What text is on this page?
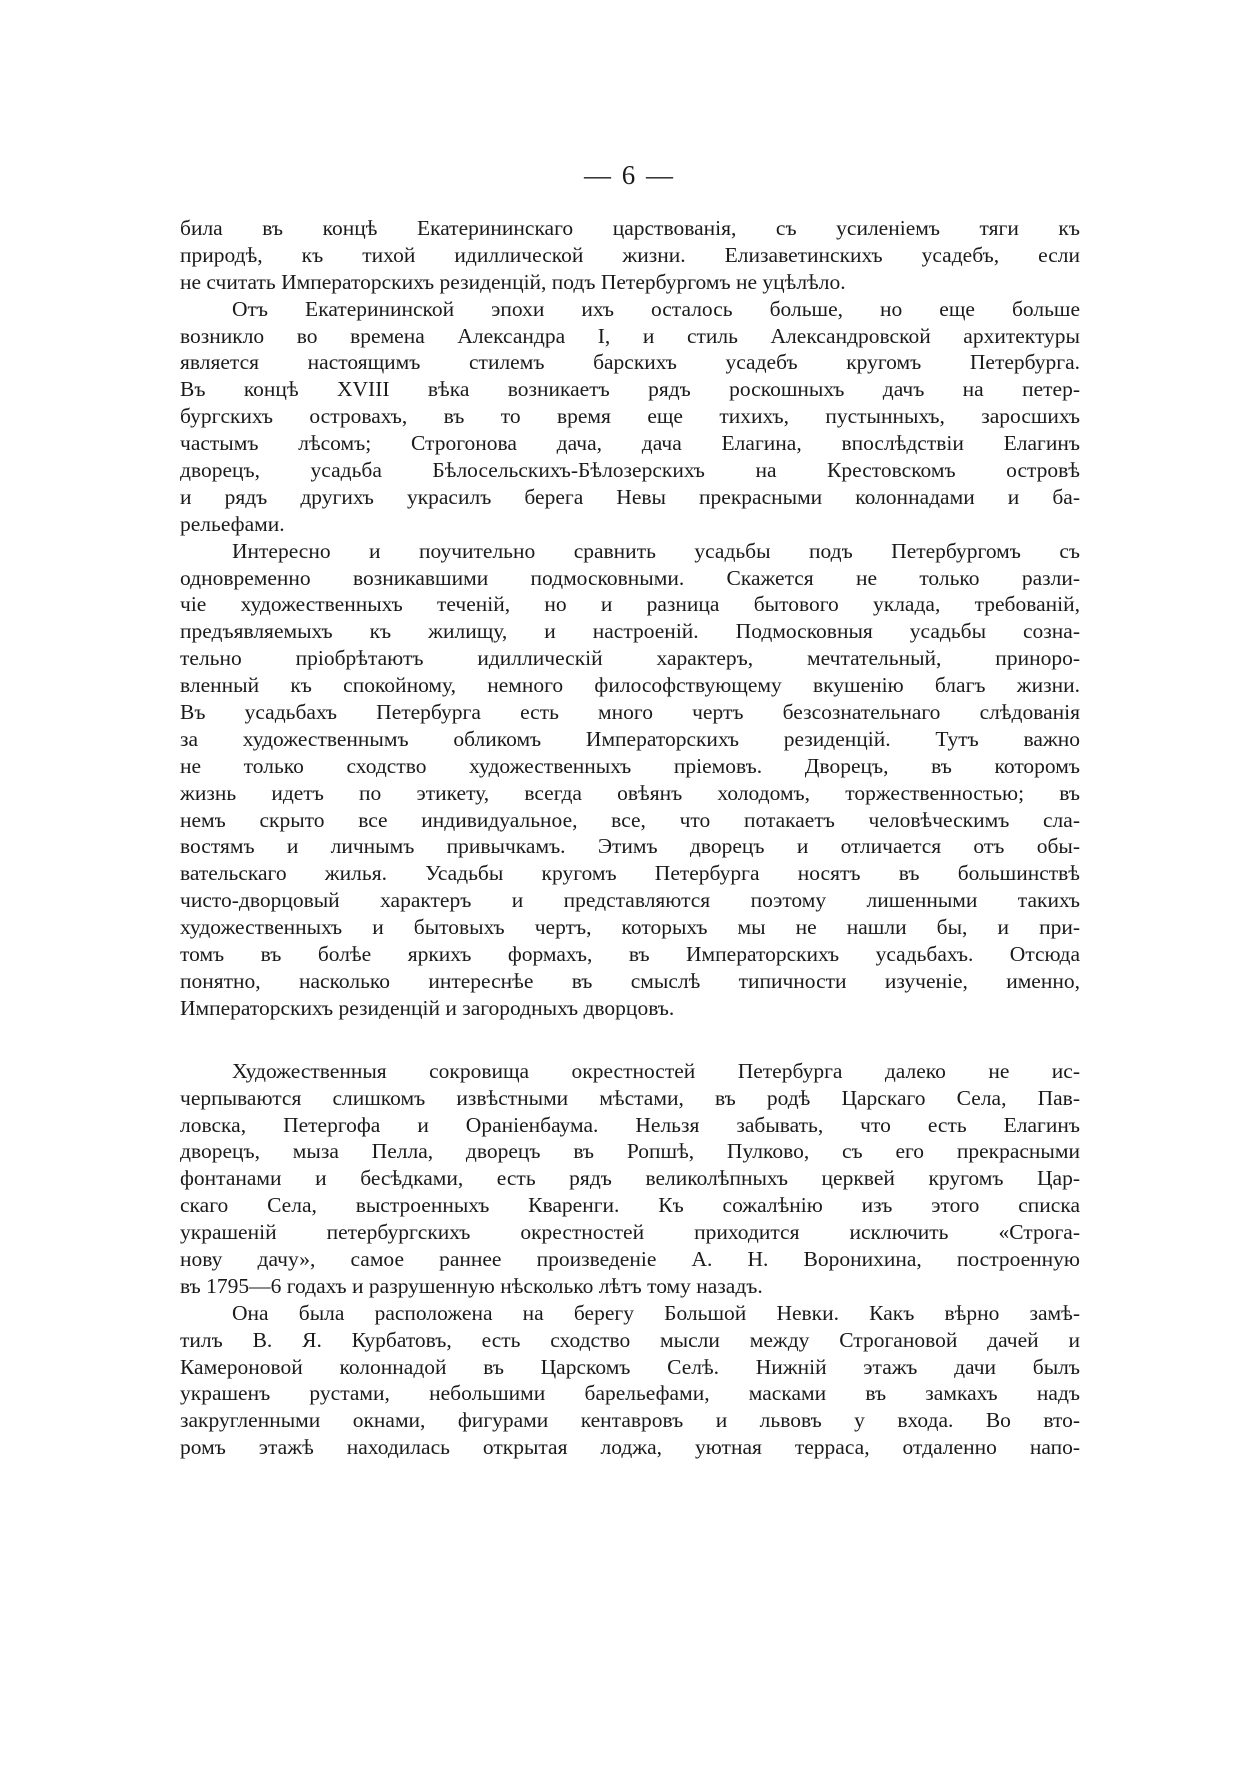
— 6 —
била въ концѣ Екатерининскаго царствованія, съ усиленіемъ тяги къ
природѣ, къ тихой идиллической жизни. Елизаветинскихъ усадебъ, если
не считать Императорскихъ резиденцій, подъ Петербургомъ не уцѣлѣло.
Отъ Екатерининской эпохи ихъ осталось больше, но еще больше
возникло во времена Александра I, и стиль Александровской архитектуры
является настоящимъ стилемъ барскихъ усадебъ кругомъ Петербурга.
Въ концѣ XVIII вѣка возникаетъ рядъ роскошныхъ дачъ на петер-
бургскихъ островахъ, въ то время еще тихихъ, пустынныхъ, заросшихъ
частымъ лѣсомъ; Строгонова дача, дача Елагина, впослѣдствіи Елагинъ
дворецъ, усадьба Бѣлосельскихъ-Бѣлозерскихъ на Крестовскомъ островѣ
и рядъ другихъ украсилъ берега Невы прекрасными колоннадами и ба-
рельефами.
Интересно и поучительно сравнить усадьбы подъ Петербургомъ съ
одновременно возникавшими подмосковными. Скажется не только разли-
чіе художественныхъ теченій, но и разница бытового уклада, требованій,
предъявляемыхъ къ жилищу, и настроеній. Подмосковныя усадьбы созна-
тельно пріобрѣтаютъ идиллическій характеръ, мечтательный, приноро-
вленный къ спокойному, немного философствующему вкушенію благъ жизни.
Въ усадьбахъ Петербурга есть много чертъ безсознательнаго слѣдованія
за художественнымъ обликомъ Императорскихъ резиденцій. Тутъ важно
не только сходство художественныхъ пріемовъ. Дворецъ, въ которомъ
жизнь идетъ по этикету, всегда овѣянъ холодомъ, торжественностью; въ
немъ скрыто все индивидуальное, все, что потакаетъ человѣческимъ сла-
востямъ и личнымъ привычкамъ. Этимъ дворецъ и отличается отъ обы-
вательскаго жилья. Усадьбы кругомъ Петербурга носятъ въ большинствѣ
чисто-дворцовый характеръ и представляются поэтому лишенными такихъ
художественныхъ и бытовыхъ чертъ, которыхъ мы не нашли бы, и при-
томъ въ болѣе яркихъ формахъ, въ Императорскихъ усадьбахъ. Отсюда
понятно, насколько интереснѣе въ смыслѣ типичности изученіе, именно,
Императорскихъ резиденцій и загородныхъ дворцовъ.
Художественныя сокровища окрестностей Петербурга далеко не ис-
черпываются слишкомъ извѣстными мѣстами, въ родѣ Царскаго Села, Пав-
ловска, Петергофа и Ораніенбаума. Нельзя забывать, что есть Елагинъ
дворецъ, мыза Пелла, дворецъ въ Ропшѣ, Пулково, съ его прекрасными
фонтанами и бесѣдками, есть рядъ великолѣпныхъ церквей кругомъ Цар-
скаго Села, выстроенныхъ Кваренги. Къ сожалѣнію изъ этого списка
украшеній петербургскихъ окрестностей приходится исключить «Строга-
нову дачу», самое раннее произведеніе А. Н. Воронихина, построенную
въ 1795—6 годахъ и разрушенную нѣсколько лѣтъ тому назадъ.
Она была расположена на берегу Большой Невки. Какъ вѣрно замѣ-
тилъ В. Я. Курбатовъ, есть сходство мысли между Строгановой дачей и
Камероновой колоннадой въ Царскомъ Селѣ. Нижній этажъ дачи былъ
украшенъ рустами, небольшими барельефами, масками въ замкахъ надъ
закругленными окнами, фигурами кентавровъ и львовъ у входа. Во вто-
ромъ этажѣ находилась открытая лоджа, уютная терраса, отдаленно напо-
